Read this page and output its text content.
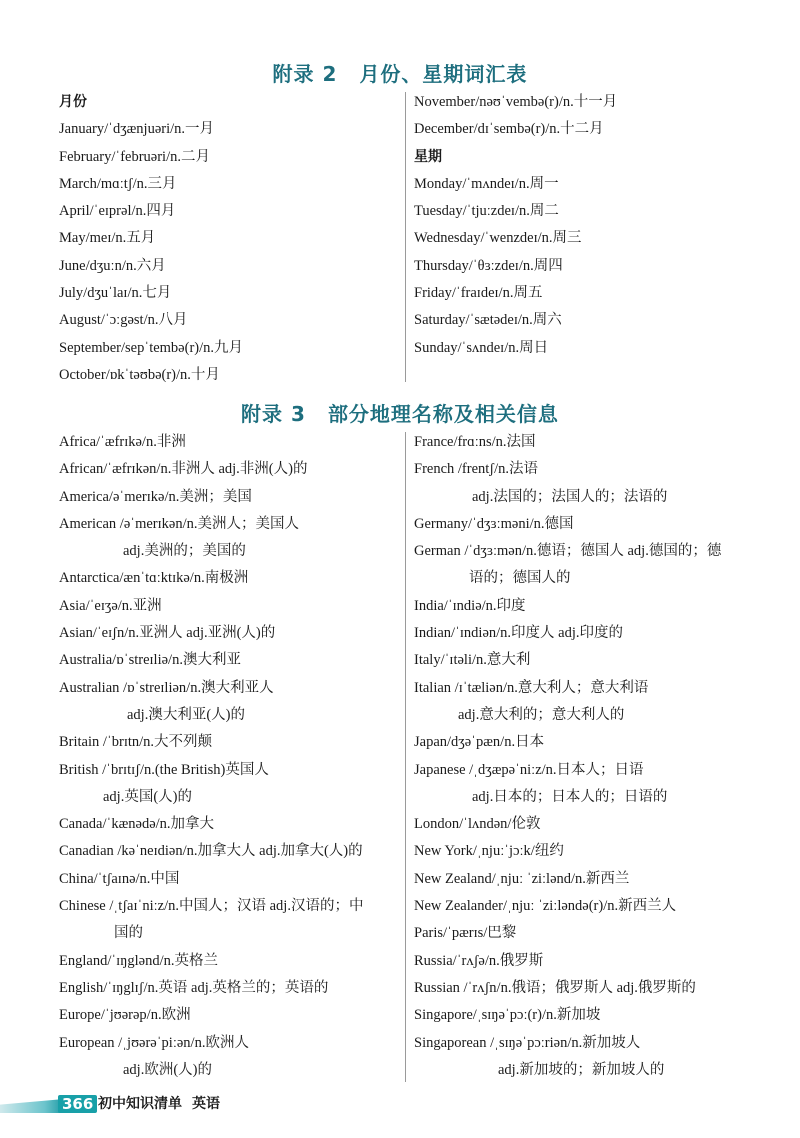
附录 2 月份、星期词汇表
月份
January/ˈdʒænjuəri/n.一月
February/ˈfebruəri/n.二月
March/mɑːtʃ/n.三月
April/ˈeɪprəl/n.四月
May/meɪ/n.五月
June/dʒuːn/n.六月
July/dʒuˈlaɪ/n.七月
August/ˈɔːgəst/n.八月
September/sepˈtembə(r)/n.九月
October/ɒkˈtəʊbə(r)/n.十月
November/nəʊˈvembə(r)/n.十一月
December/dɪˈsembə(r)/n.十二月
星期
Monday/ˈmʌndeɪ/n.周一
Tuesday/ˈtjuːzdeɪ/n.周二
Wednesday/ˈwenzdeɪ/n.周三
Thursday/ˈθɜːzdeɪ/n.周四
Friday/ˈfraɪdeɪ/n.周五
Saturday/ˈsætədeɪ/n.周六
Sunday/ˈsʌndeɪ/n.周日
附录 3 部分地理名称及相关信息
Africa/ˈæfrɪkə/n.非洲
African/ˈæfrɪkən/n.非洲人 adj.非洲(人)的
America/əˈmerɪkə/n.美洲；美国
American /əˈmerɪkən/n.美洲人；美国人
adj.美洲的；美国的
Antarctica/ænˈtɑːktɪkə/n.南极洲
Asia/ˈeɪʒə/n.亚洲
Asian/ˈeɪʃn/n.亚洲人 adj.亚洲(人)的
Australia/ɒˈstreɪliə/n.澳大利亚
Australian /ɒˈstreɪliən/n.澳大利亚人
adj.澳大利亚(人)的
Britain /ˈbrɪtn/n.大不列颠
British /ˈbrɪtɪʃ/n.(the British)英国人
adj.英国(人)的
Canada/ˈkænədə/n.加拿大
Canadian /kəˈneɪdiən/n.加拿大人 adj.加拿大(人)的
China/ˈtʃaɪnə/n.中国
Chinese /ˌtʃaɪˈniːz/n.中国人；汉语 adj.汉语的；中
国的
England/ˈɪŋglənd/n.英格兰
English/ˈɪŋglɪʃ/n.英语 adj.英格兰的；英语的
Europe/ˈjʊərəp/n.欧洲
European /ˌjʊərəˈpiːən/n.欧洲人
adj.欧洲(人)的
France/frɑːns/n.法国
French /frentʃ/n.法语
adj.法国的；法国人的；法语的
Germany/ˈdʒɜːməni/n.德国
German /ˈdʒɜːmən/n.德语；德国人 adj.德国的；德
语的；德国人的
India/ˈɪndiə/n.印度
Indian/ˈɪndiən/n.印度人 adj.印度的
Italy/ˈɪtəli/n.意大利
Italian /ɪˈtæliən/n.意大利人；意大利语
adj.意大利的；意大利人的
Japan/dʒəˈpæn/n.日本
Japanese /ˌdʒæpəˈniːz/n.日本人；日语
adj.日本的；日本人的；日语的
London/ˈlʌndən/伦敦
New York/ˌnjuːˈjɔːk/纽约
New Zealand/ˌnjuː ˈziːlənd/n.新西兰
New Zealander/ˌnjuː ˈziːləndə(r)/n.新西兰人
Paris/ˈpærɪs/巴黎
Russia/ˈrʌʃə/n.俄罗斯
Russian /ˈrʌʃn/n.俄语；俄罗斯人 adj.俄罗斯的
Singapore/ˌsɪŋəˈpɔː(r)/n.新加坡
Singaporean /ˌsɪŋəˈpɔːriən/n.新加坡人
adj.新加坡的；新加坡人的
366 初中知识清单 英语
